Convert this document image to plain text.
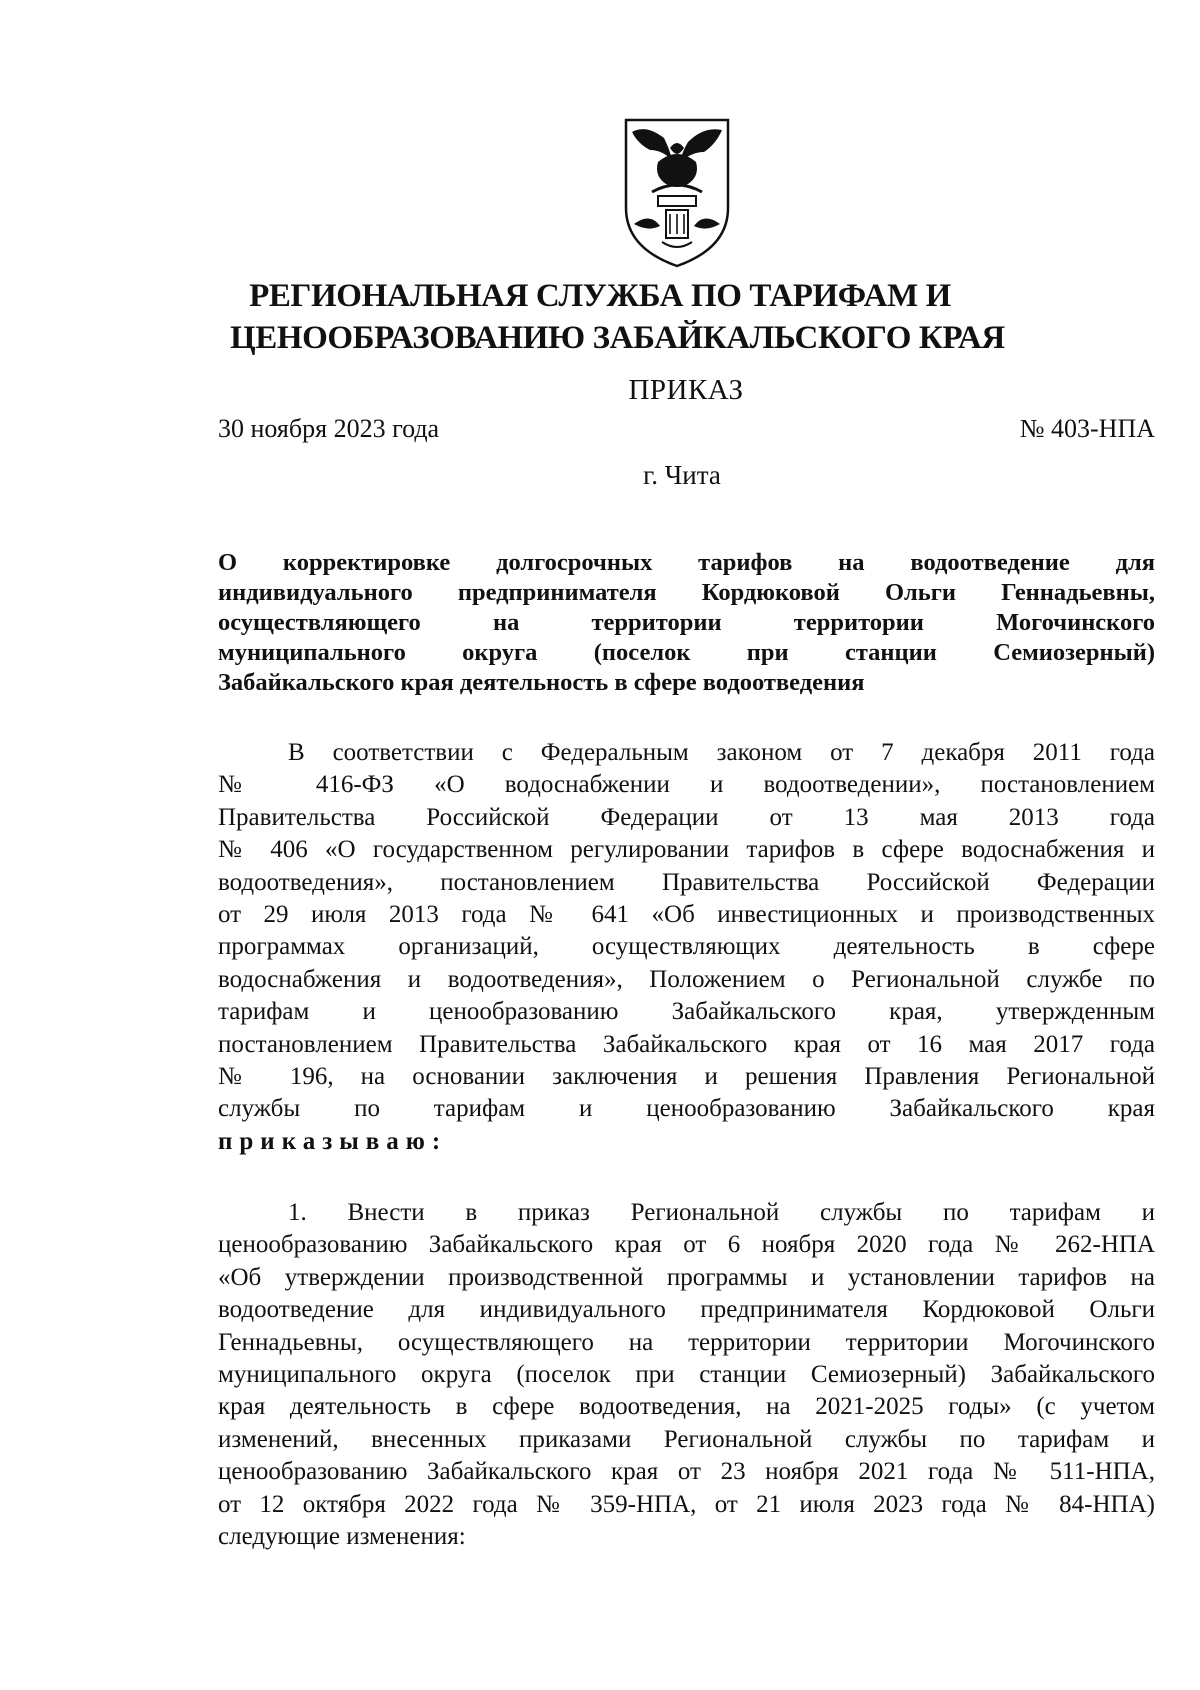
РЕГИОНАЛЬНАЯ СЛУЖБА ПО ТАРИФАМ И
ЦЕНООБРАЗОВАНИЮ ЗАБАЙКАЛЬСКОГО КРАЯ
ПРИКАЗ
30 ноября 2023 года	№ 403-НПА
г. Чита
О корректировке долгосрочных тарифов на водоотведение для
индивидуального предпринимателя Кордюковой Ольги Геннадьевны,
осуществляющего на территории территории Могочинского
муниципального округа (поселок при станции Семиозерный)
Забайкальского края деятельность в сфере водоотведения
В соответствии с Федеральным законом от 7 декабря 2011 года
№ 416-ФЗ «О водоснабжении и водоотведении», постановлением
Правительства Российской Федерации от 13 мая 2013 года
№ 406 «О государственном регулировании тарифов в сфере водоснабжения и
водоотведения», постановлением Правительства Российской Федерации
от 29 июля 2013 года № 641 «Об инвестиционных и производственных
программах организаций, осуществляющих деятельность в сфере
водоснабжения и водоотведения», Положением о Региональной службе по
тарифам и ценообразованию Забайкальского края, утвержденным
постановлением Правительства Забайкальского края от 16 мая 2017 года
№ 196, на основании заключения и решения Правления Региональной
службы по тарифам и ценообразованию Забайкальского края
приказываю:
1. Внести в приказ Региональной службы по тарифам и
ценообразованию Забайкальского края от 6 ноября 2020 года № 262-НПА
«Об утверждении производственной программы и установлении тарифов на
водоотведение для индивидуального предпринимателя Кордюковой Ольги
Геннадьевны, осуществляющего на территории территории Могочинского
муниципального округа (поселок при станции Семиозерный) Забайкальского
края деятельность в сфере водоотведения, на 2021-2025 годы» (с учетом
изменений, внесенных приказами Региональной службы по тарифам и
ценообразованию Забайкальского края от 23 ноября 2021 года № 511-НПА,
от 12 октября 2022 года № 359-НПА, от 21 июля 2023 года № 84-НПА)
следующие изменения:
